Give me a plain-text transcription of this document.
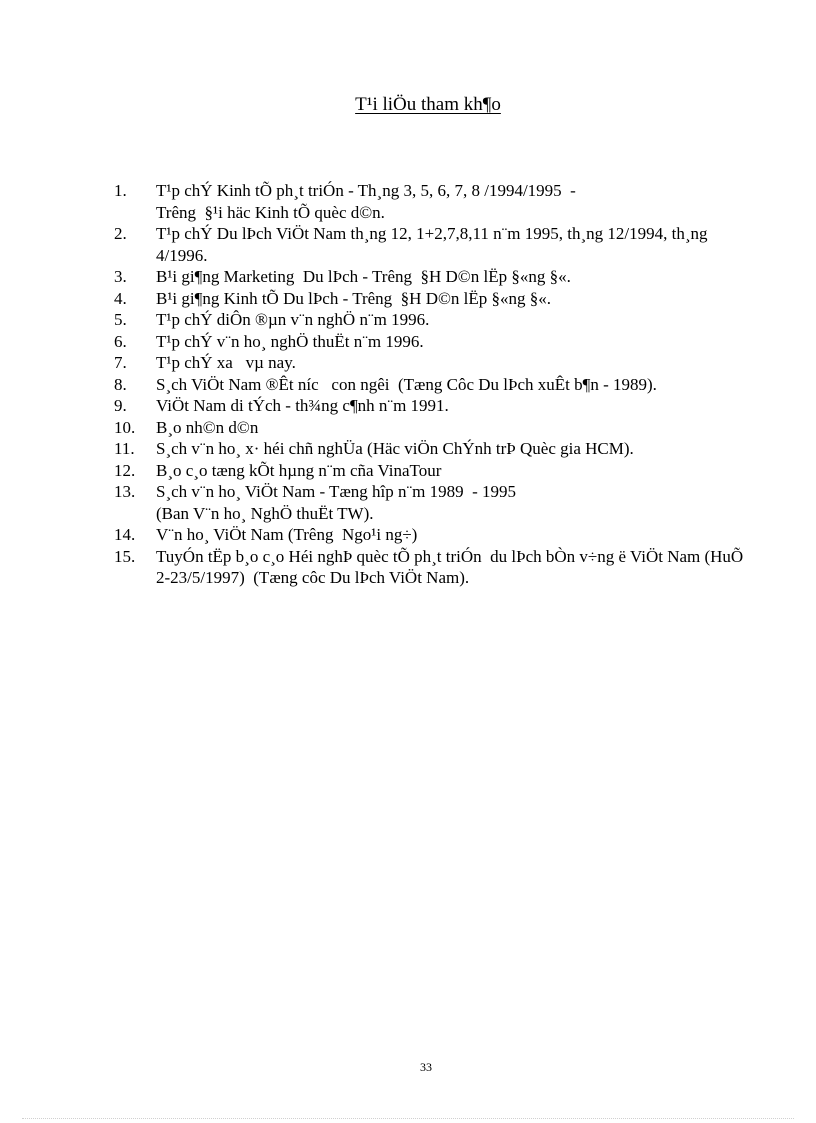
T¹i liÖu tham kh¶o
1.	T¹p chÝ Kinh tÕ ph¸t triÓn - Th¸ng 3, 5, 6, 7, 8 /1994/1995  -
Trêng  §¹i häc Kinh tÕ quèc d©n.
2.	T¹p chÝ Du lÞch ViÖt Nam th¸ng 12, 1+2,7,8,11 n¨m 1995, th¸ng 12/1994, th¸ng 4/1996.
3.	B¹i gi¶ng Marketing  Du lÞch - Trêng  §H D©n lËp §«ng §«.
4.	B¹i gi¶ng Kinh tÕ Du lÞch - Trêng  §H D©n lËp §«ng §«.
5.	T¹p chÝ diÔn ®µn v¨n nghÖ n¨m 1996.
6.	T¹p chÝ v¨n ho¸ nghÖ thuËt n¨m 1996.
7.	T¹p chÝ xa   vµ nay.
8.	S¸ch ViÖt Nam ®Êt níc   con ngêi  (Tæng Côc Du lÞch xuÊt b¶n - 1989).
9.	ViÖt Nam di tÝch - th¾ng c¶nh n¨m 1991.
10.	B¸o nh©n d©n
11.	S¸ch v¨n ho¸ x· héi chñ nghÜa (Häc viÖn ChÝnh trÞ Quèc gia HCM).
12.	B¸o c¸o tæng kÕt hµng n¨m cña VinaTour
13.	S¸ch v¨n ho¸ ViÖt Nam - Tæng hîp n¨m 1989  - 1995
(Ban V¨n ho¸ NghÖ thuËt TW).
14.	V¨n ho¸ ViÖt Nam (Trêng  Ngo¹i ng÷)
15.	TuyÓn tËp b¸o c¸o Héi nghÞ quèc tÕ ph¸t triÓn  du lÞch bÒn v÷ng ë ViÖt Nam (HuÕ 2-23/5/1997)  (Tæng côc Du lÞch ViÖt Nam).
33
